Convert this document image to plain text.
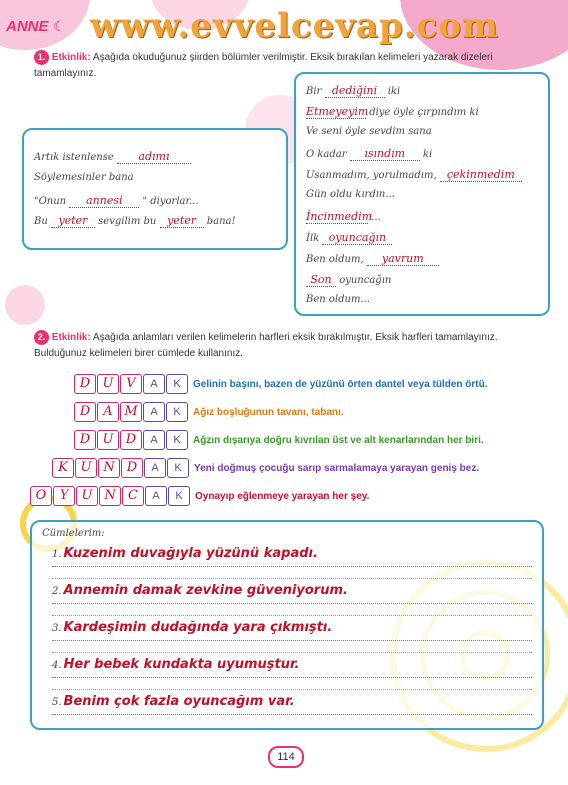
ANNE ☾ www.evvelcevap.com
1. Etkinlik: Aşağıda okuduğunuz şiirden bölümler verilmiştir. Eksik bırakılan kelimeleri yazarak dizeleri tamamlayınız.
Artık istenlense adımı
Söylemesinler bana
"Onun annesi " diyorlar...
Bu yeter sevgilim bu yeter bana!
Bir dediğini iki
Etmeyeyim diye öyle çırpındım ki
Ve seni öyle sevdim sana
O kadar ısındım ki
Usanmadım, yorulmadım, çekinmedim
Gün oldu kırdın...
İncinmedim ...
İlk oyuncağın
Ben oldum, yavrum
Son oyuncağın
Ben oldum...
2. Etkinlik: Aşağıda anlamları verilen kelimelerin harfleri eksik bırakılmıştır. Eksik harfleri tamamlayınız. Bulduğunuz kelimeleri birer cümlede kullanınız.
D U V A K Gelinin başını, bazen de yüzünü örten dantel veya tülden örtü.
D A M A K Ağız boşluğunun tavanı, tabanı.
D U D A K Ağzın dışarıya doğru kıvrılan üst ve alt kenarlarından her biri.
K U N D A K Yeni doğmuş çocuğu sarıp sarmalamaya yarayan geniş bez.
O Y U N C A K Oynayıp eğlenmeye yarayan her şey.
Cümlelerim:
1. Kuzenim duvağıyla yüzünü kapadı.
2. Annemin damak zevkine güveniyorum.
3. Kardeşimin dudağında yara çıkmıştı.
4. Her bebek kundakta uyumuştur.
5. Benim çok fazla oyuncağım var.
114
